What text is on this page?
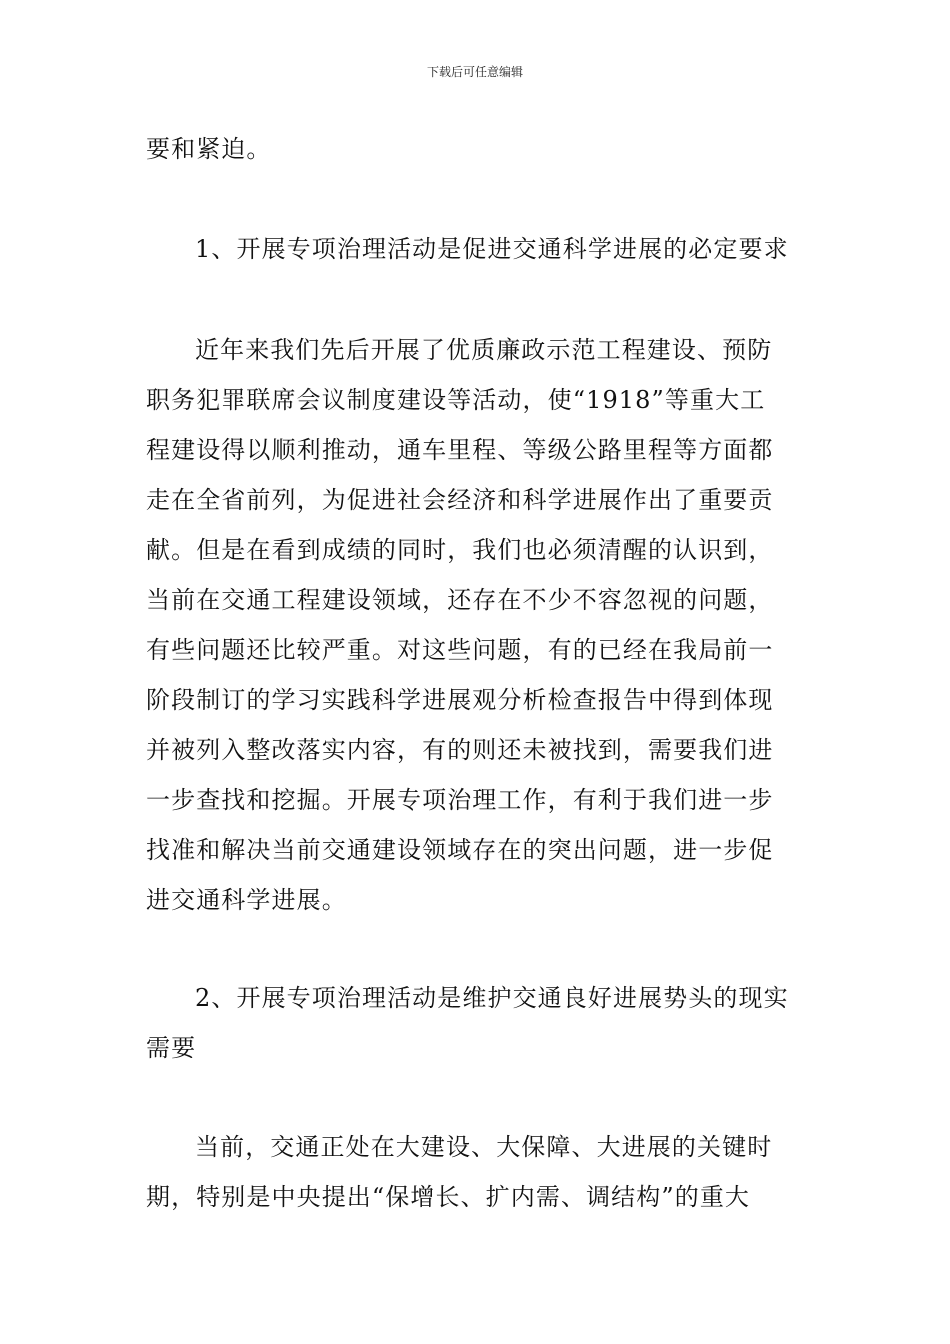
下载后可任意编辑
要和紧迫。
1、开展专项治理活动是促进交通科学进展的必定要求
近年来我们先后开展了优质廉政示范工程建设、预防
职务犯罪联席会议制度建设等活动，使“1918”等重大工
程建设得以顺利推动，通车里程、等级公路里程等方面都
走在全省前列，为促进社会经济和科学进展作出了重要贡
献。但是在看到成绩的同时，我们也必须清醒的认识到，
当前在交通工程建设领域，还存在不少不容忽视的问题，
有些问题还比较严重。对这些问题，有的已经在我局前一
阶段制订的学习实践科学进展观分析检查报告中得到体现
并被列入整改落实内容，有的则还未被找到，需要我们进
一步查找和挖掘。开展专项治理工作，有利于我们进一步
找准和解决当前交通建设领域存在的突出问题，进一步促
进交通科学进展。
2、开展专项治理活动是维护交通良好进展势头的现实
需要
当前，交通正处在大建设、大保障、大进展的关键时
期，特别是中央提出“保增长、扩内需、调结构”的重大
